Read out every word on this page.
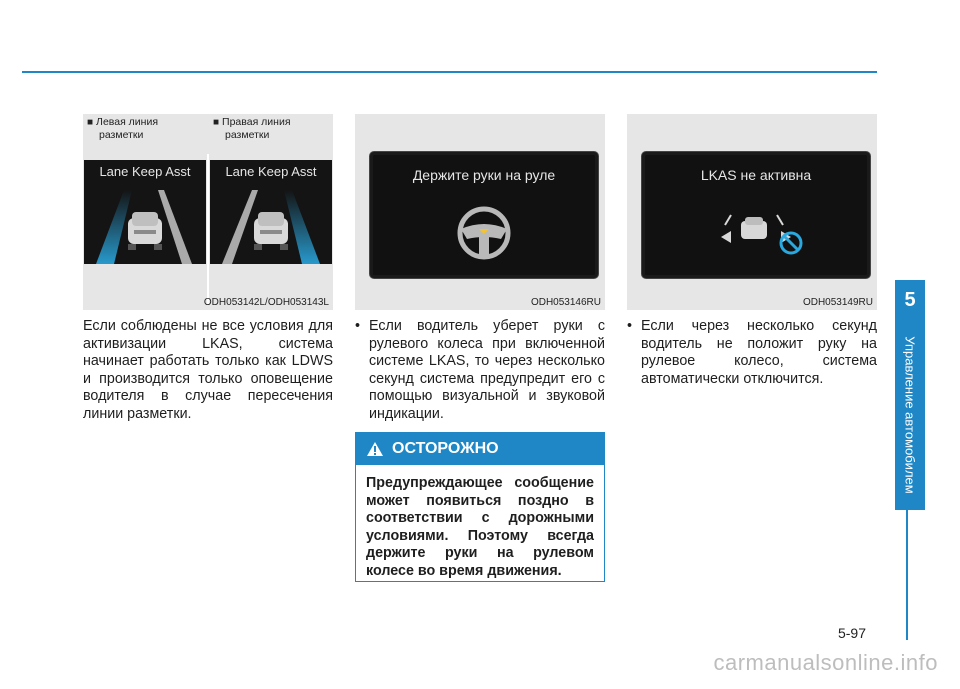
5
Управление автомобилем
■ Левая линия
разметки
■ Правая линия
разметки
Lane Keep Asst	Lane Keep Asst
ODH053142L/ODH053143L
Держите руки на руле
ODH053146RU
LKAS не активна
ODH053149RU
Если соблюдены не все условия для активизации LKAS, система начинает работать только как LDWS и производится только оповещение водителя в случае пересечения линии разметки.
• Если водитель уберет руки с рулевого колеса при включенной системе LKAS, то через несколько секунд система предупредит его с помощью визуальной и звуковой индикации.
• Если через несколько секунд водитель не положит руку на рулевое колесо, система автоматически отключится.
ОСТОРОЖНО
Предупреждающее сообщение может появиться поздно в соответствии с дорожными условиями. Поэтому всегда держите руки на рулевом колесе во время движения.
5-97
carmanualsonline.info
